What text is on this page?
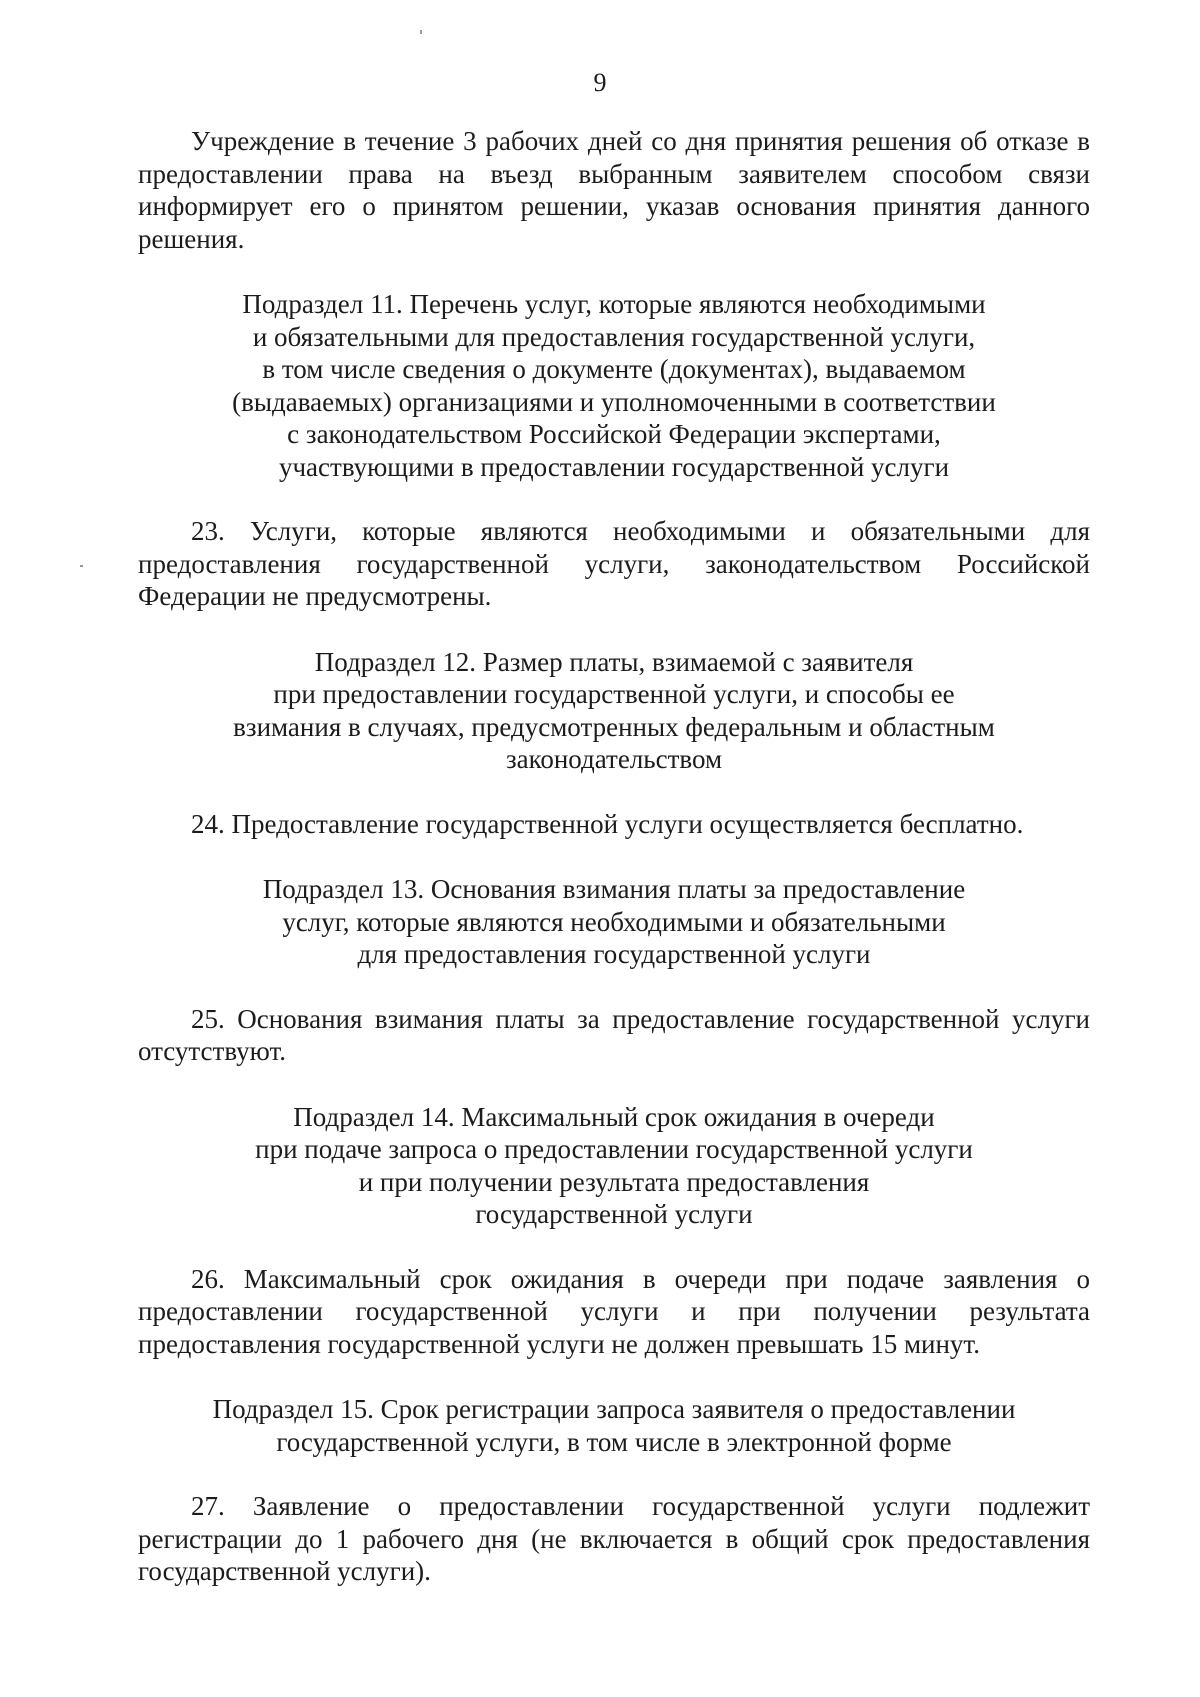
9

Учреждение в течение 3 рабочих дней со дня принятия решения об отказе в предоставлении права на въезд выбранным заявителем способом связи информирует его о принятом решении, указав основания принятия данного решения.

Подраздел 11. Перечень услуг, которые являются необходимыми
и обязательными для предоставления государственной услуги,
в том числе сведения о документе (документах), выдаваемом
(выдаваемых) организациями и уполномоченными в соответствии
с законодательством Российской Федерации экспертами,
участвующими в предоставлении государственной услуги

23. Услуги, которые являются необходимыми и обязательными для предоставления государственной услуги, законодательством Российской Федерации не предусмотрены.

Подраздел 12. Размер платы, взимаемой с заявителя
при предоставлении государственной услуги, и способы ее
взимания в случаях, предусмотренных федеральным и областным
законодательством

24. Предоставление государственной услуги осуществляется бесплатно.

Подраздел 13. Основания взимания платы за предоставление
услуг, которые являются необходимыми и обязательными
для предоставления государственной услуги

25. Основания взимания платы за предоставление государственной услуги отсутствуют.

Подраздел 14. Максимальный срок ожидания в очереди
при подаче запроса о предоставлении государственной услуги
и при получении результата предоставления
государственной услуги

26. Максимальный срок ожидания в очереди при подаче заявления о предоставлении государственной услуги и при получении результата предоставления государственной услуги не должен превышать 15 минут.

Подраздел 15. Срок регистрации запроса заявителя о предоставлении
государственной услуги, в том числе в электронной форме

27. Заявление о предоставлении государственной услуги подлежит регистрации до 1 рабочего дня (не включается в общий срок предоставления государственной услуги).
